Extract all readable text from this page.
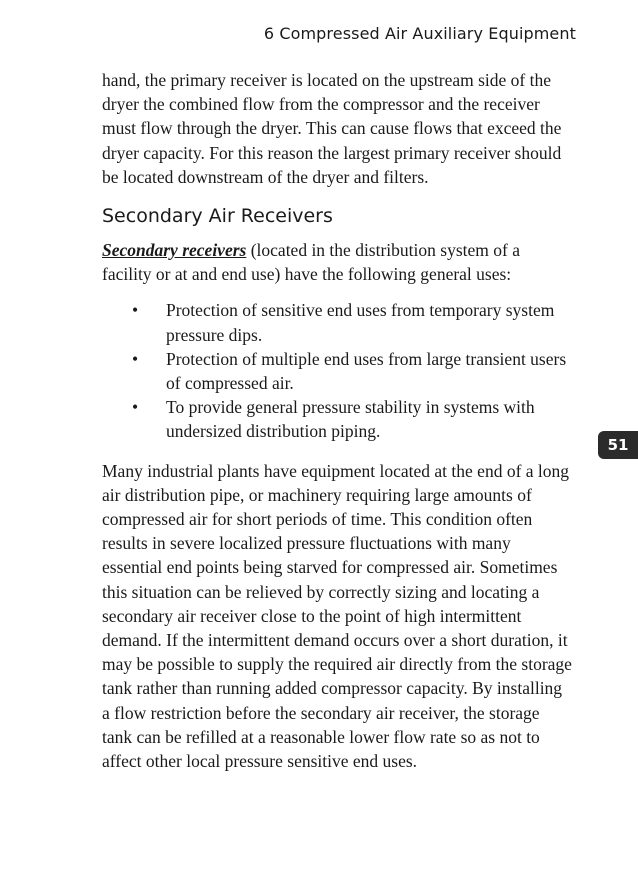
6 Compressed Air Auxiliary Equipment

hand, the primary receiver is located on the upstream side of the dryer the combined flow from the compressor and the receiver must flow through the dryer. This can cause flows that exceed the dryer capacity. For this reason the largest primary receiver should be located downstream of the dryer and filters.

Secondary Air Receivers

Secondary receivers (located in the distribution system of a facility or at and end use) have the following general uses:

• Protection of sensitive end uses from temporary system pressure dips.
• Protection of multiple end uses from large transient users of compressed air.
• To provide general pressure stability in systems with undersized distribution piping.

Many industrial plants have equipment located at the end of a long air distribution pipe, or machinery requiring large amounts of compressed air for short periods of time. This condition often results in severe localized pressure fluctuations with many essential end points being starved for compressed air. Sometimes this situation can be relieved by correctly sizing and locating a secondary air receiver close to the point of high intermittent demand. If the intermittent demand occurs over a short duration, it may be possible to supply the required air directly from the storage tank rather than running added compressor capacity. By installing a flow restriction before the secondary air receiver, the storage tank can be refilled at a reasonable lower flow rate so as not to affect other local pressure sensitive end uses.

51
